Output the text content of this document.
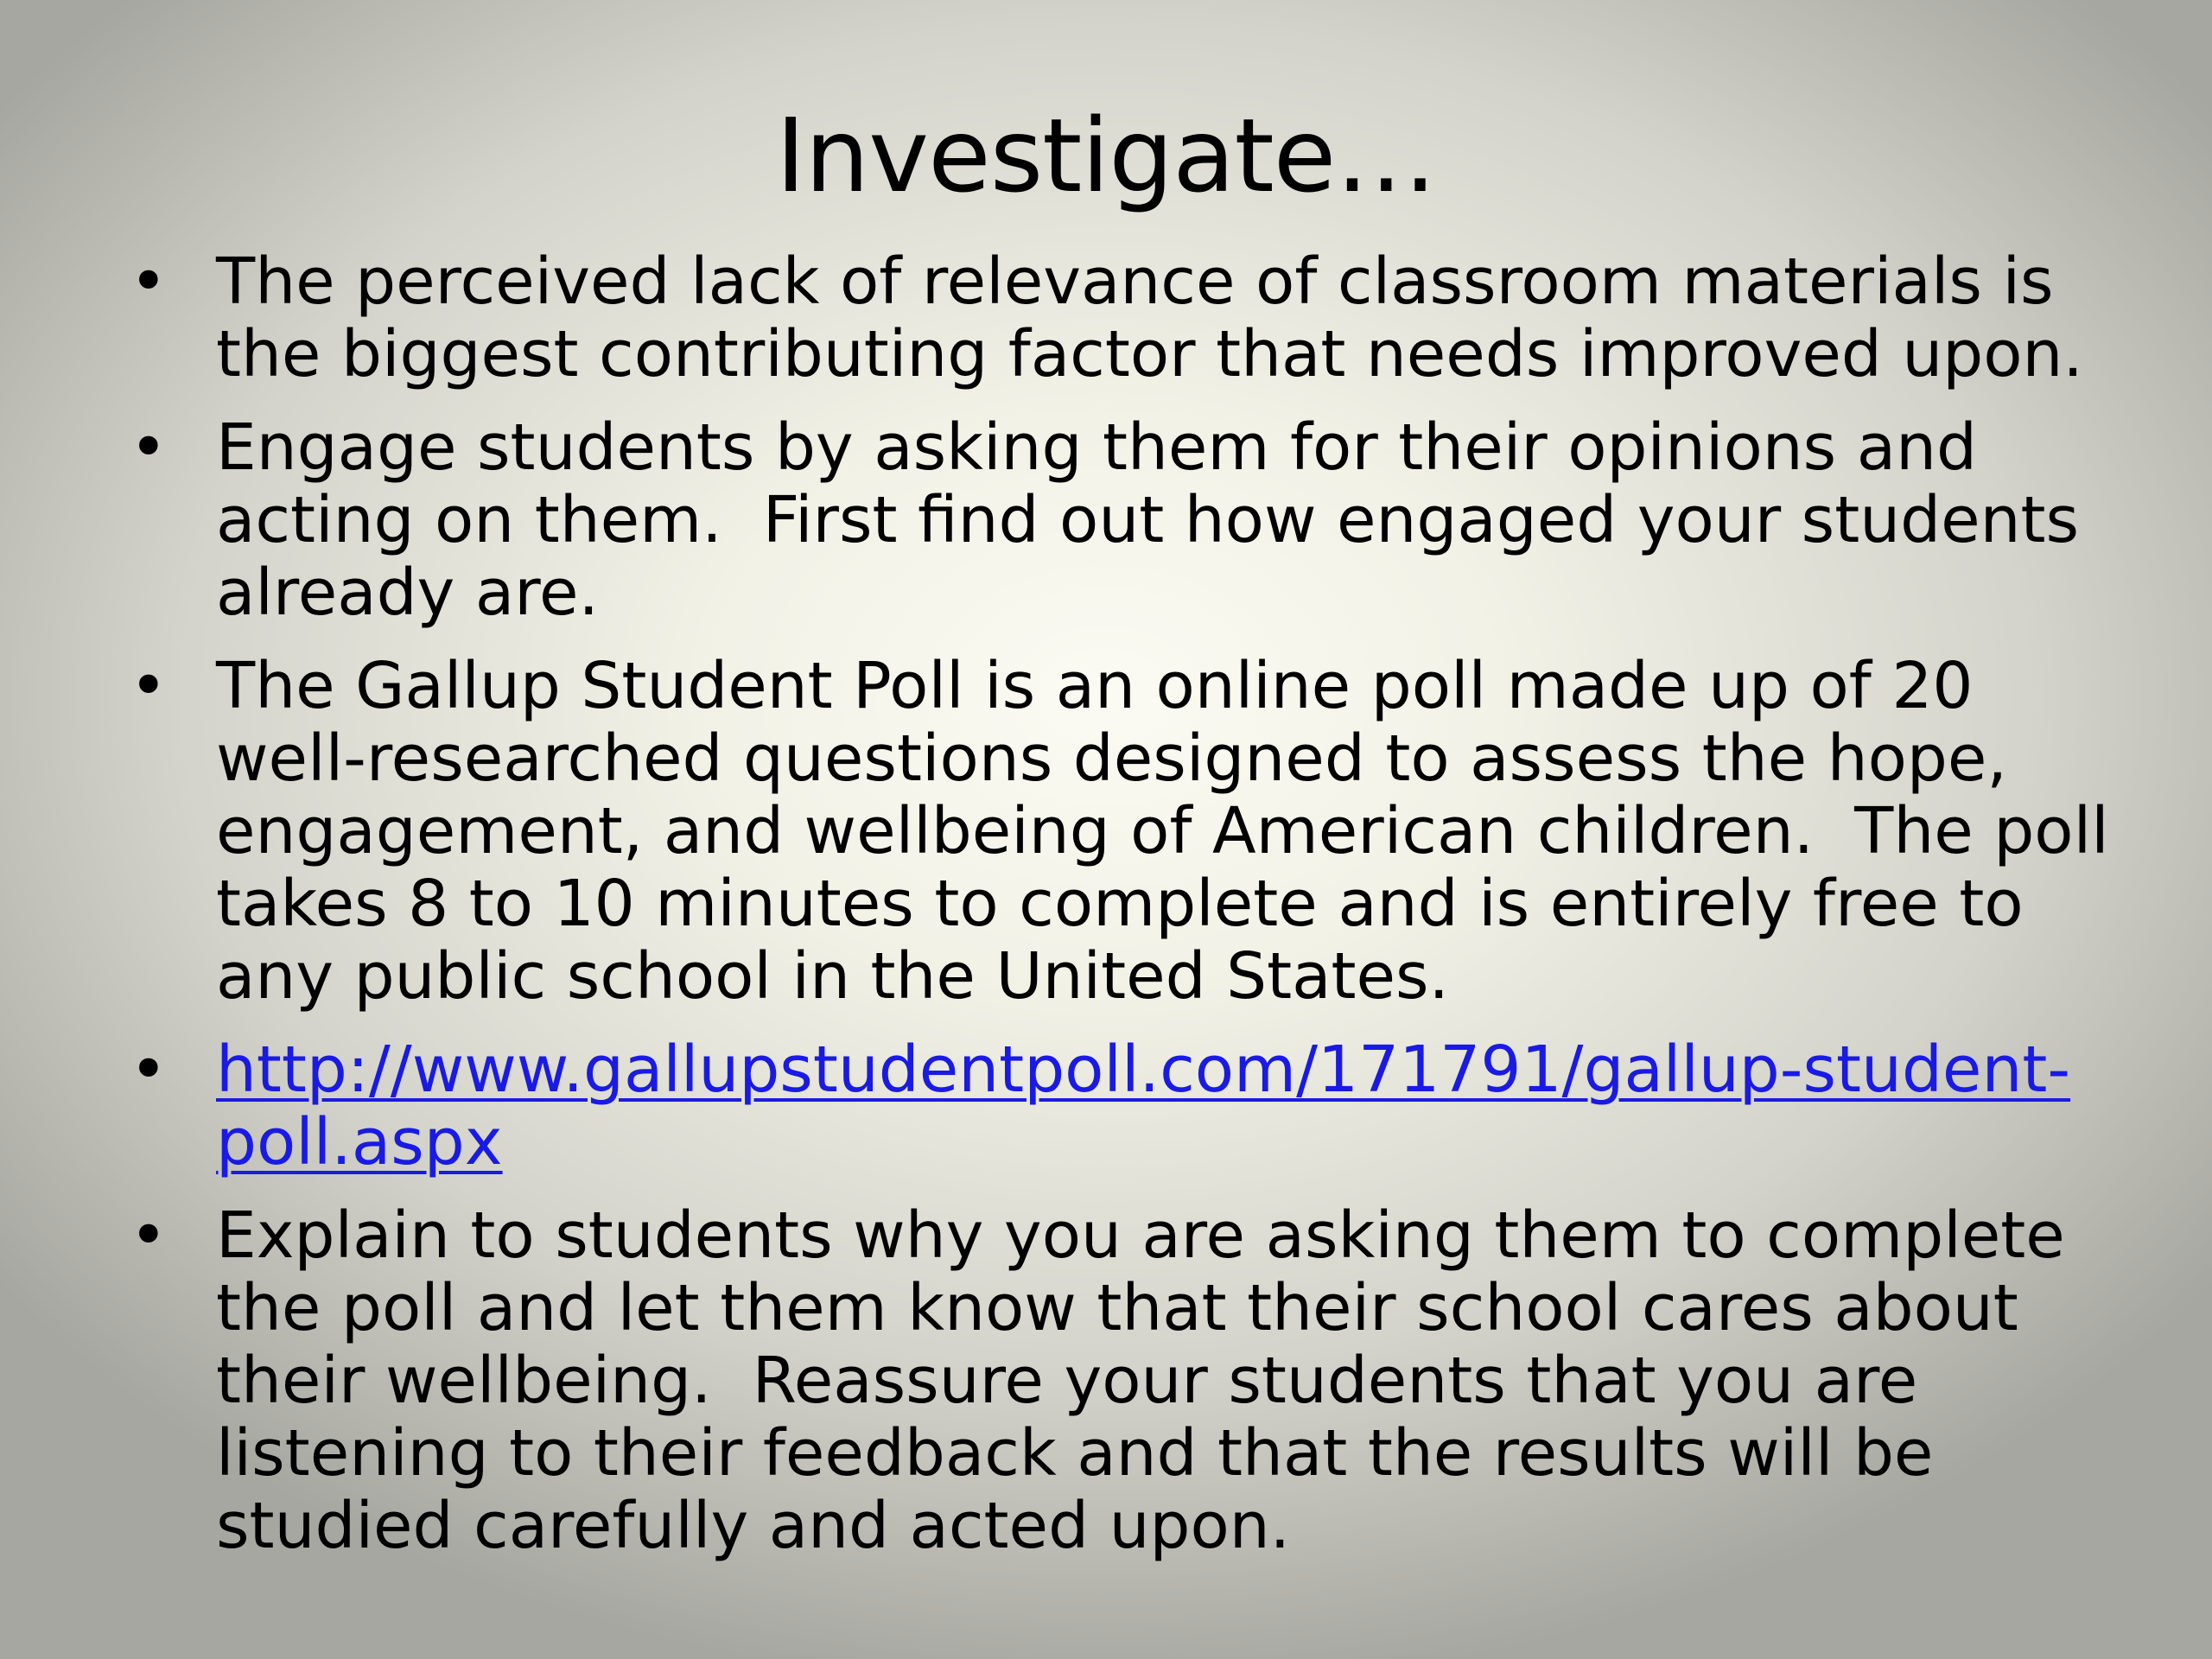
Investigate…
• The perceived lack of relevance of classroom materials is
the biggest contributing factor that needs improved upon.
• Engage students by asking them for their opinions and
acting on them.  First find out how engaged your students
already are.
• The Gallup Student Poll is an online poll made up of 20
well-researched questions designed to assess the hope,
engagement, and wellbeing of American children.  The poll
takes 8 to 10 minutes to complete and is entirely free to
any public school in the United States.
• http://www.gallupstudentpoll.com/171791/gallup-student-
poll.aspx
• Explain to students why you are asking them to complete
the poll and let them know that their school cares about
their wellbeing.  Reassure your students that you are
listening to their feedback and that the results will be
studied carefully and acted upon.
